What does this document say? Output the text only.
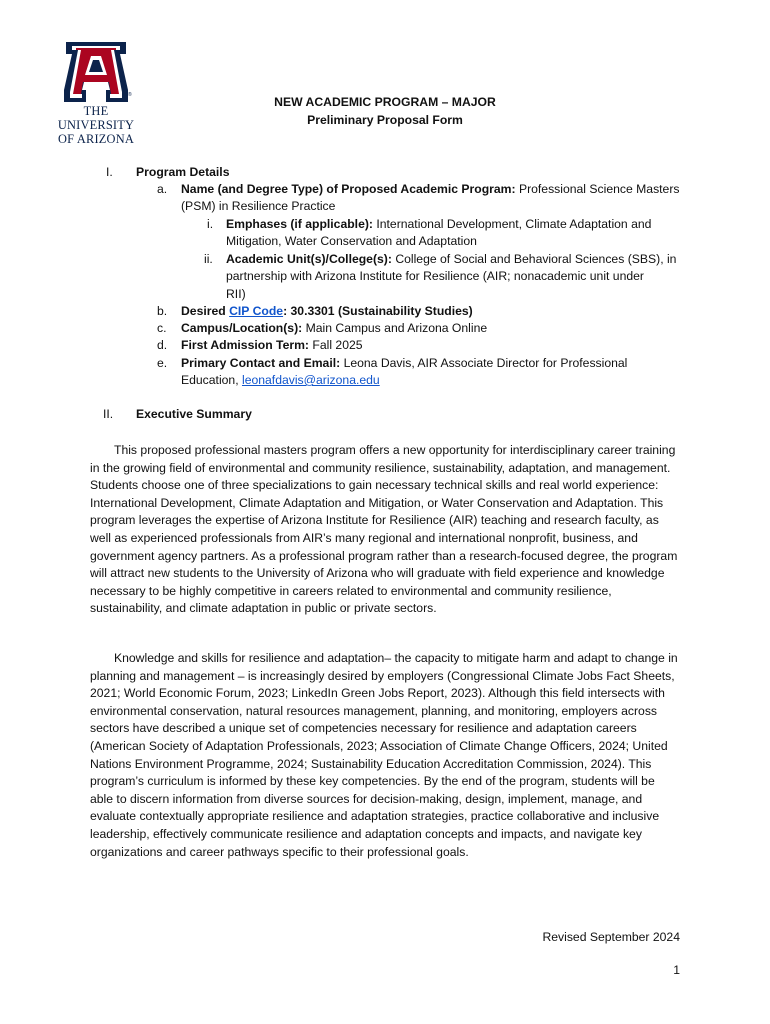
®
THE UNIVERSITY
OF ARIZONA
NEW ACADEMIC PROGRAM – MAJOR
Preliminary Proposal Form
I. Program Details
a. Name (and Degree Type) of Proposed Academic Program: Professional Science Masters
(PSM) in Resilience Practice
i. Emphases (if applicable): International Development, Climate Adaptation and
Mitigation, Water Conservation and Adaptation
ii. Academic Unit(s)/College(s): College of Social and Behavioral Sciences (SBS), in
partnership with Arizona Institute for Resilience (AIR; nonacademic unit under
RII)
b. Desired CIP Code: 30.3301 (Sustainability Studies)
c. Campus/Location(s): Main Campus and Arizona Online
d. First Admission Term: Fall 2025
e. Primary Contact and Email: Leona Davis, AIR Associate Director for Professional
Education, leonafdavis@arizona.edu
II. Executive Summary

This proposed professional masters program offers a new opportunity for interdisciplinary career training in the growing field of environmental and community resilience, sustainability, adaptation, and management. Students choose one of three specializations to gain necessary technical skills and real world experience: International Development, Climate Adaptation and Mitigation, or Water Conservation and Adaptation. This program leverages the expertise of Arizona Institute for Resilience (AIR) teaching and research faculty, as well as experienced professionals from AIR’s many regional and international nonprofit, business, and government agency partners. As a professional program rather than a research-focused degree, the program will attract new students to the University of Arizona who will graduate with field experience and knowledge necessary to be highly competitive in careers related to environmental and community resilience, sustainability, and climate adaptation in public or private sectors.

Knowledge and skills for resilience and adaptation– the capacity to mitigate harm and adapt to change in planning and management – is increasingly desired by employers (Congressional Climate Jobs Fact Sheets, 2021; World Economic Forum, 2023; LinkedIn Green Jobs Report, 2023). Although this field intersects with environmental conservation, natural resources management, planning, and monitoring, employers across sectors have described a unique set of competencies necessary for resilience and adaptation careers (American Society of Adaptation Professionals, 2023; Association of Climate Change Officers, 2024; United Nations Environment Programme, 2024; Sustainability Education Accreditation Commission, 2024). This program’s curriculum is informed by these key competencies. By the end of the program, students will be able to discern information from diverse sources for decision-making, design, implement, manage, and evaluate contextually appropriate resilience and adaptation strategies, practice collaborative and inclusive leadership, effectively communicate resilience and adaptation concepts and impacts, and navigate key organizations and career pathways specific to their professional goals.

Revised September 2024
1
